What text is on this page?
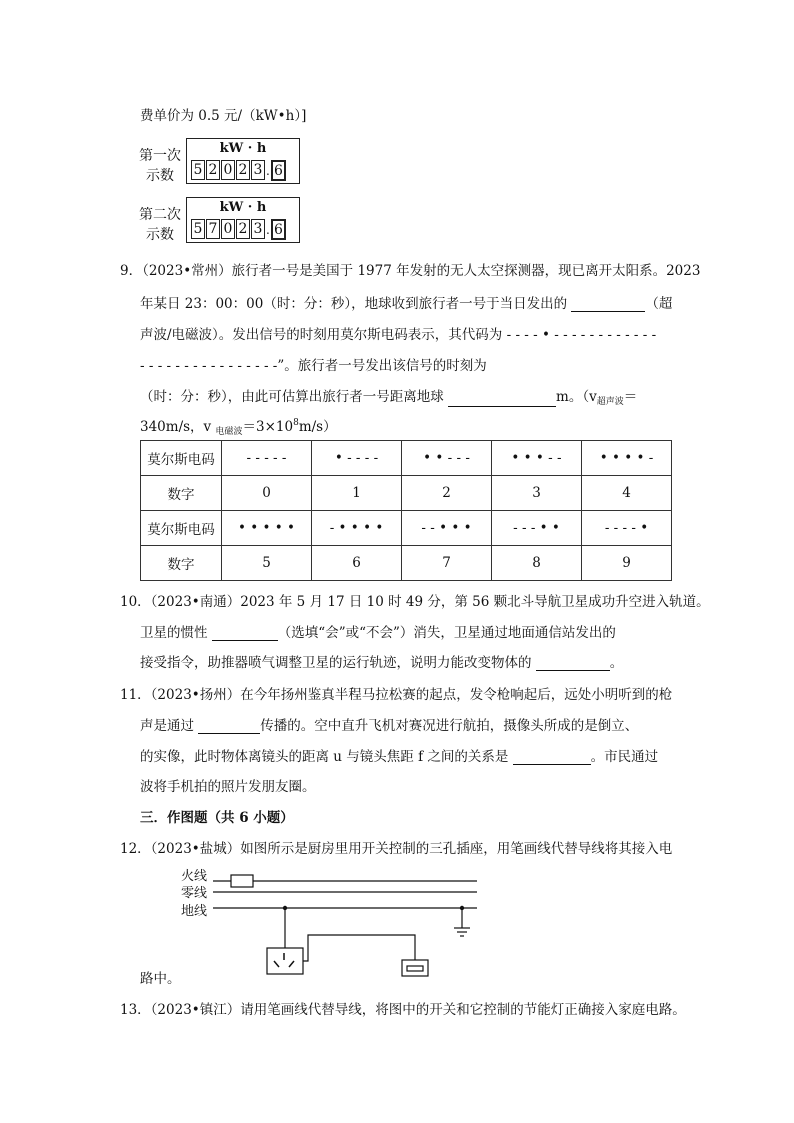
费单价为 0.5 元/（kW•h）]
第一次
示数
kW · h
5 2 0 2 3 . 6
第二次
示数
kW · h
5 7 0 2 3 . 6
9．（2023•常州）旅行者一号是美国于 1977 年发射的无人太空探测器，现已离开太阳系。2023
年某日 23：00：00（时：分：秒），地球收到旅行者一号于当日发出的	（超
声波/电磁波）。发出信号的时刻用莫尔斯电码表示，其代码为 - - - - • - - - - - - - - - - - -
- - - - - - - - - - - - - - - -”。旅行者一号发出该信号的时刻为
（时：分：秒），由此可估算出旅行者一号距离地球	m。（$v_{超声波}=$
340m/s，v $_{电磁波}=3\times 10^8m/s$）
莫尔斯电码	- - - - -	• - - - -	• • - - -	• • • - -	• • • • -
数字	0	1	2	3	4
莫尔斯电码	• • • • •	- • • • •	- - • • •	- - - • •	- - - - •
数字	5	6	7	8	9
10．（2023•南通）2023 年 5 月 17 日 10 时 49 分，第 56 颗北斗导航卫星成功升空进入轨道。
卫星的惯性	（选填“会”或“不会”）消失，卫星通过地面通信站发出的
接受指令，助推器喷气调整卫星的运行轨迹，说明力能改变物体的	。
11．（2023•扬州）在今年扬州鉴真半程马拉松赛的起点，发令枪响起后，远处小明听到的枪
声是通过	传播的。空中直升飞机对赛况进行航拍，摄像头所成的是倒立、
的实像，此时物体离镜头的距离 u 与镜头焦距 f 之间的关系是	。市民通过
波将手机拍的照片发朋友圈。
三．作图题（共 6 小题）
12．（2023•盐城）如图所示是厨房里用开关控制的三孔插座，用笔画线代替导线将其接入电
火线
零线
地线
路中。
13．（2023•镇江）请用笔画线代替导线，将图中的开关和它控制的节能灯正确接入家庭电路。
